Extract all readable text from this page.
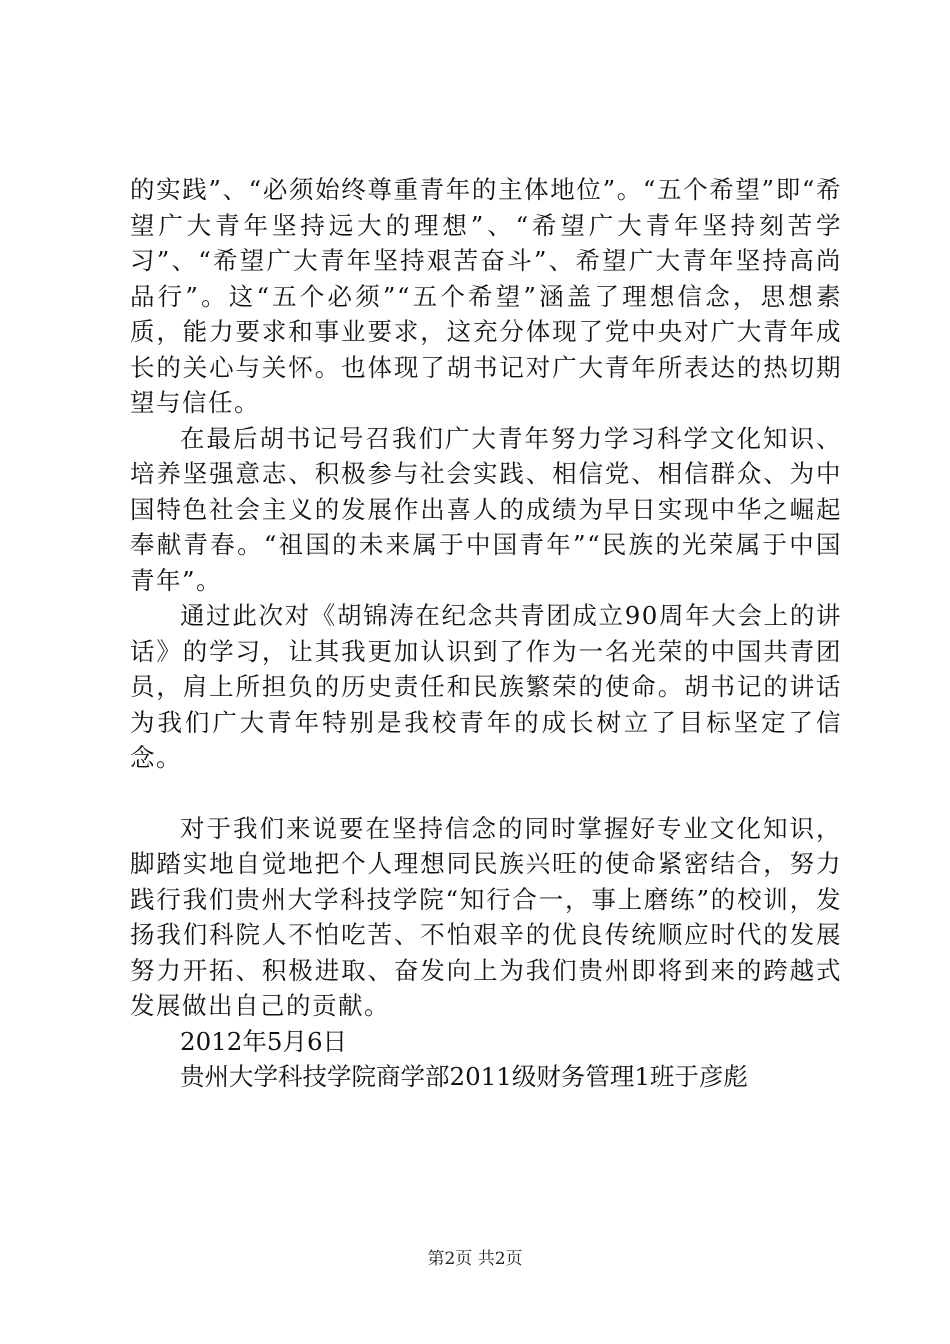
的实践”、“必须始终尊重青年的主体地位”。“五个希望”即“希望广大青年坚持远大的理想”、“希望广大青年坚持刻苦学习”、“希望广大青年坚持艰苦奋斗”、希望广大青年坚持高尚品行”。这“五个必须”“五个希望”涵盖了理想信念，思想素质，能力要求和事业要求，这充分体现了党中央对广大青年成长的关心与关怀。也体现了胡书记对广大青年所表达的热切期望与信任。

在最后胡书记号召我们广大青年努力学习科学文化知识、培养坚强意志、积极参与社会实践、相信党、相信群众、为中国特色社会主义的发展作出喜人的成绩为早日实现中华之崛起奉献青春。“祖国的未来属于中国青年”“民族的光荣属于中国青年”。

通过此次对《胡锦涛在纪念共青团成立90周年大会上的讲话》的学习，让其我更加认识到了作为一名光荣的中国共青团员，肩上所担负的历史责任和民族繁荣的使命。胡书记的讲话为我们广大青年特别是我校青年的成长树立了目标坚定了信念。

对于我们来说要在坚持信念的同时掌握好专业文化知识，脚踏实地自觉地把个人理想同民族兴旺的使命紧密结合，努力践行我们贵州大学科技学院“知行合一，事上磨练”的校训，发扬我们科院人不怕吃苦、不怕艰辛的优良传统顺应时代的发展努力开拓、积极进取、奋发向上为我们贵州即将到来的跨越式发展做出自己的贡献。

2012年5月6日

贵州大学科技学院商学部2011级财务管理1班于彦彪

第2页 共2页
